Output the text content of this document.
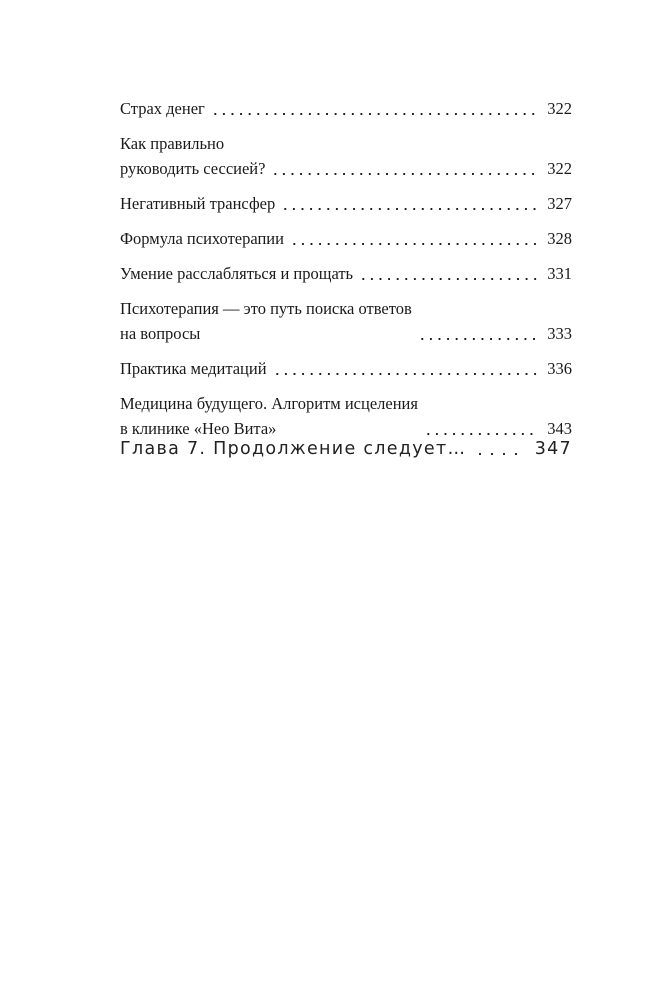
Страх денег	322
Как правильно
руководить сессией?	322
Негативный трансфер	327
Формула психотерапии	328
Умение расслабляться и прощать	331
Психотерапия — это путь поиска ответов
на вопросы	333
Практика медитаций	336
Медицина будущего. Алгоритм исцеления
в клинике «Нео Вита»	343
Глава 7. Продолжение следует…	347
